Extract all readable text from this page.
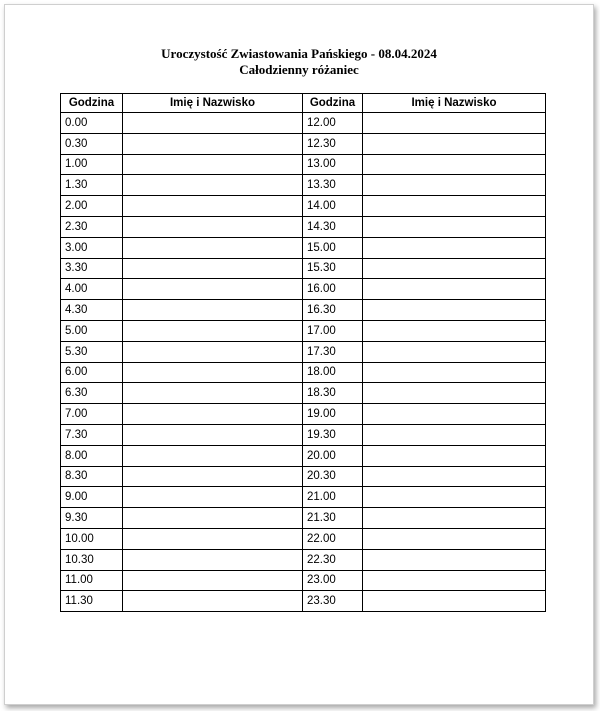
Uroczystość Zwiastowania Pańskiego - 08.04.2024
Całodzienny różaniec
Godzina	Imię i Nazwisko	Godzina	Imię i Nazwisko
0.00		12.00	
0.30		12.30	
1.00		13.00	
1.30		13.30	
2.00		14.00	
2.30		14.30	
3.00		15.00	
3.30		15.30	
4.00		16.00	
4.30		16.30	
5.00		17.00	
5.30		17.30	
6.00		18.00	
6.30		18.30	
7.00		19.00	
7.30		19.30	
8.00		20.00	
8.30		20.30	
9.00		21.00	
9.30		21.30	
10.00		22.00	
10.30		22.30	
11.00		23.00	
11.30		23.30	
